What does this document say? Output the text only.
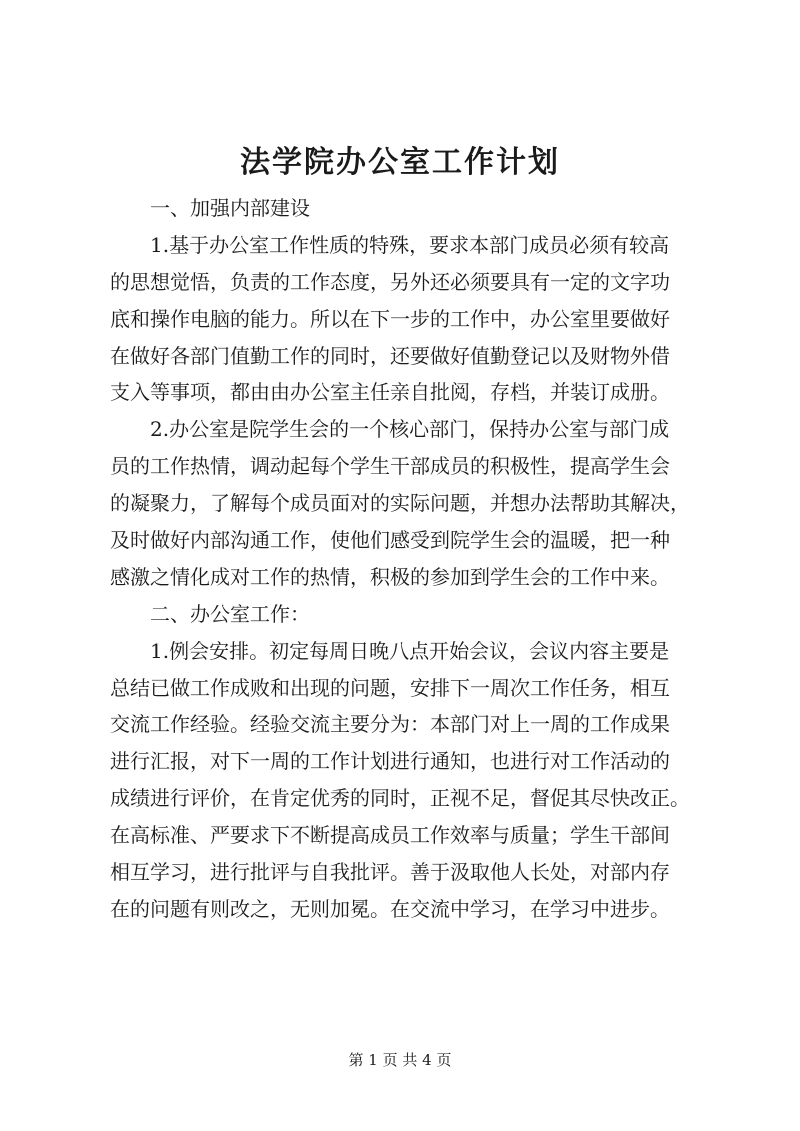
法学院办公室工作计划
一、加强内部建设
1.基于办公室工作性质的特殊，要求本部门成员必须有较高
的思想觉悟，负责的工作态度，另外还必须要具有一定的文字功
底和操作电脑的能力。所以在下一步的工作中，办公室里要做好
在做好各部门值勤工作的同时，还要做好值勤登记以及财物外借
支入等事项，都由由办公室主任亲自批阅，存档，并装订成册。
2.办公室是院学生会的一个核心部门，保持办公室与部门成
员的工作热情，调动起每个学生干部成员的积极性，提高学生会
的凝聚力，了解每个成员面对的实际问题，并想办法帮助其解决，
及时做好内部沟通工作，使他们感受到院学生会的温暖，把一种
感激之情化成对工作的热情，积极的参加到学生会的工作中来。
二、办公室工作：
1.例会安排。初定每周日晚八点开始会议，会议内容主要是
总结已做工作成败和出现的问题，安排下一周次工作任务，相互
交流工作经验。经验交流主要分为：本部门对上一周的工作成果
进行汇报，对下一周的工作计划进行通知，也进行对工作活动的
成绩进行评价，在肯定优秀的同时，正视不足，督促其尽快改正。
在高标准、严要求下不断提高成员工作效率与质量；学生干部间
相互学习，进行批评与自我批评。善于汲取他人长处，对部内存
在的问题有则改之，无则加冕。在交流中学习，在学习中进步。
第 1 页 共 4 页
